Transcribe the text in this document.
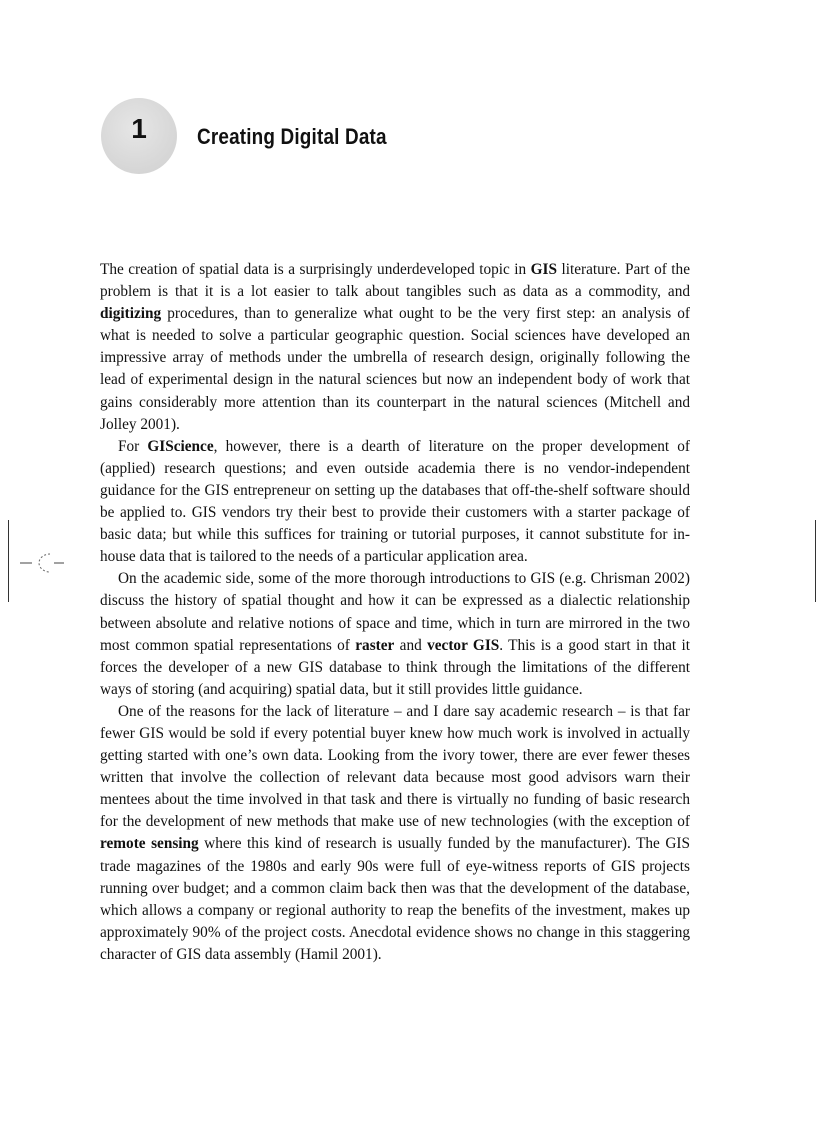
1	Creating Digital Data

The creation of spatial data is a surprisingly underdeveloped topic in GIS literature. Part of the problem is that it is a lot easier to talk about tangibles such as data as a commodity, and digitizing procedures, than to generalize what ought to be the very first step: an analysis of what is needed to solve a particular geographic question. Social sciences have developed an impressive array of methods under the umbrella of research design, originally following the lead of experimental design in the natural sciences but now an independent body of work that gains considerably more attention than its counterpart in the natural sciences (Mitchell and Jolley 2001).

For GIScience, however, there is a dearth of literature on the proper development of (applied) research questions; and even outside academia there is no vendor-independent guidance for the GIS entrepreneur on setting up the databases that off-the-shelf software should be applied to. GIS vendors try their best to provide their customers with a starter package of basic data; but while this suffices for training or tutorial purposes, it cannot substitute for in-house data that is tailored to the needs of a particular application area.

On the academic side, some of the more thorough introductions to GIS (e.g. Chrisman 2002) discuss the history of spatial thought and how it can be expressed as a dialectic relationship between absolute and relative notions of space and time, which in turn are mirrored in the two most common spatial representations of raster and vector GIS. This is a good start in that it forces the developer of a new GIS database to think through the limitations of the different ways of storing (and acquiring) spatial data, but it still provides little guidance.

One of the reasons for the lack of literature – and I dare say academic research – is that far fewer GIS would be sold if every potential buyer knew how much work is involved in actually getting started with one’s own data. Looking from the ivory tower, there are ever fewer theses written that involve the collection of relevant data because most good advisors warn their mentees about the time involved in that task and there is virtually no funding of basic research for the development of new methods that make use of new technologies (with the exception of remote sensing where this kind of research is usually funded by the manufacturer). The GIS trade magazines of the 1980s and early 90s were full of eye-witness reports of GIS projects running over budget; and a common claim back then was that the development of the database, which allows a company or regional authority to reap the benefits of the investment, makes up approximately 90% of the project costs. Anecdotal evidence shows no change in this staggering character of GIS data assembly (Hamil 2001).
